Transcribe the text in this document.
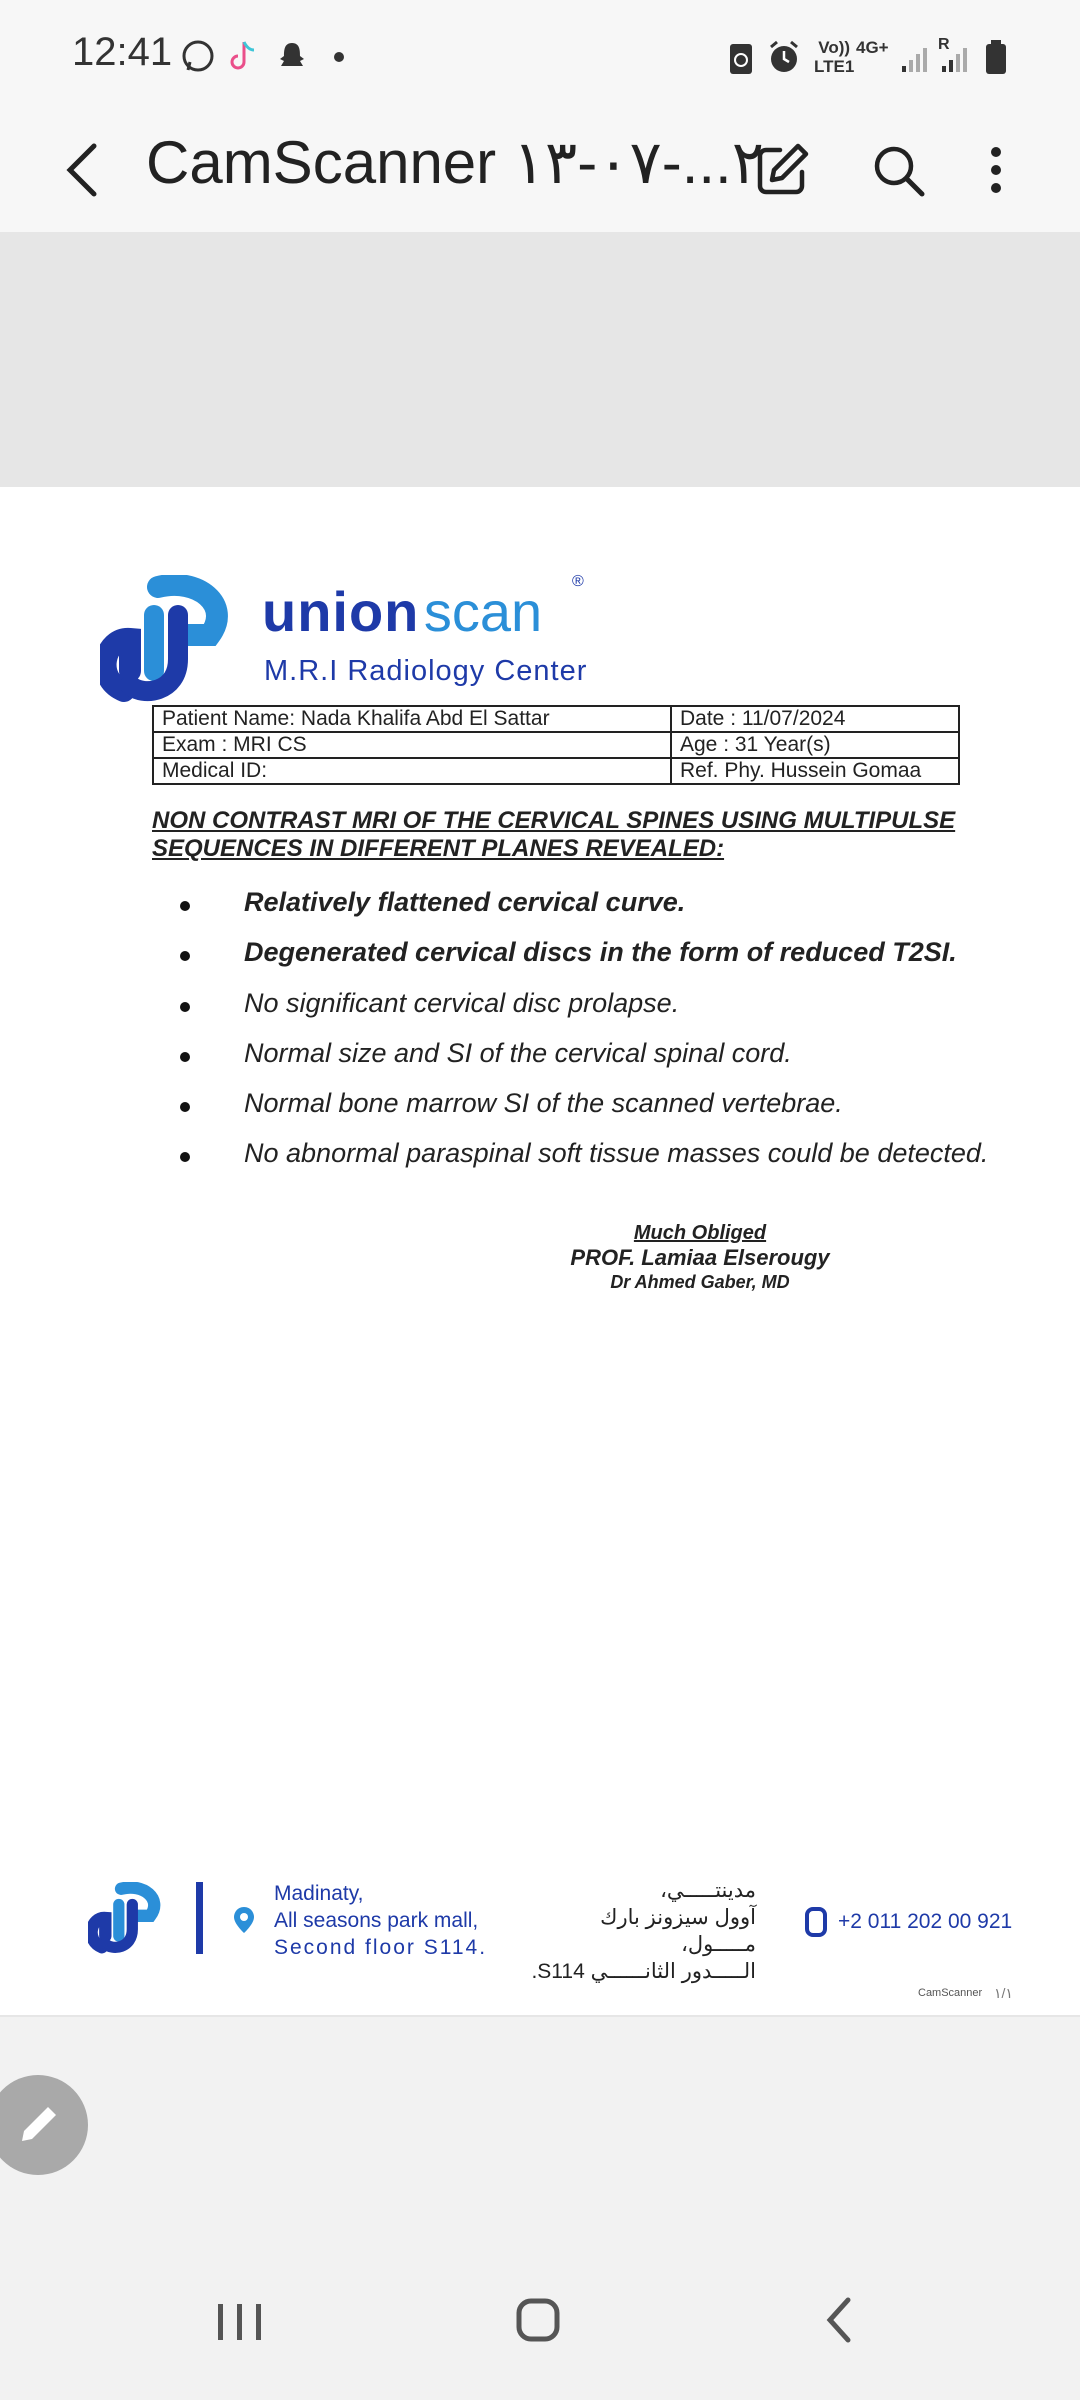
12:41	Vo))
LTE1
4G+	R
CamScanner ٢...-٠٧-١٣
union scan ®
M.R.I Radiology Center
Patient Name: Nada Khalifa Abd El Sattar	Date : 11/07/2024
Exam : MRI CS	Age : 31 Year(s)
Medical ID:	Ref. Phy. Hussein Gomaa
NON CONTRAST MRI OF THE CERVICAL SPINES USING MULTIPULSE
SEQUENCES IN DIFFERENT PLANES REVEALED:
Relatively flattened cervical curve.
Degenerated cervical discs in the form of reduced T2SI.
No significant cervical disc prolapse.
Normal size and SI of the cervical spinal cord.
Normal bone marrow SI of the scanned vertebrae.
No abnormal paraspinal soft tissue masses could be detected.
Much Obliged
PROF. Lamiaa Elserougy
Dr Ahmed Gaber, MD
Madinaty,
All seasons park mall,
Second floor S114.
مدينتـــــي،
آوول سيزونز بارك مـــــول،
الـــــدور الثانــــــي S114.
+2 011 202 00 921
CamScanner ١/١
